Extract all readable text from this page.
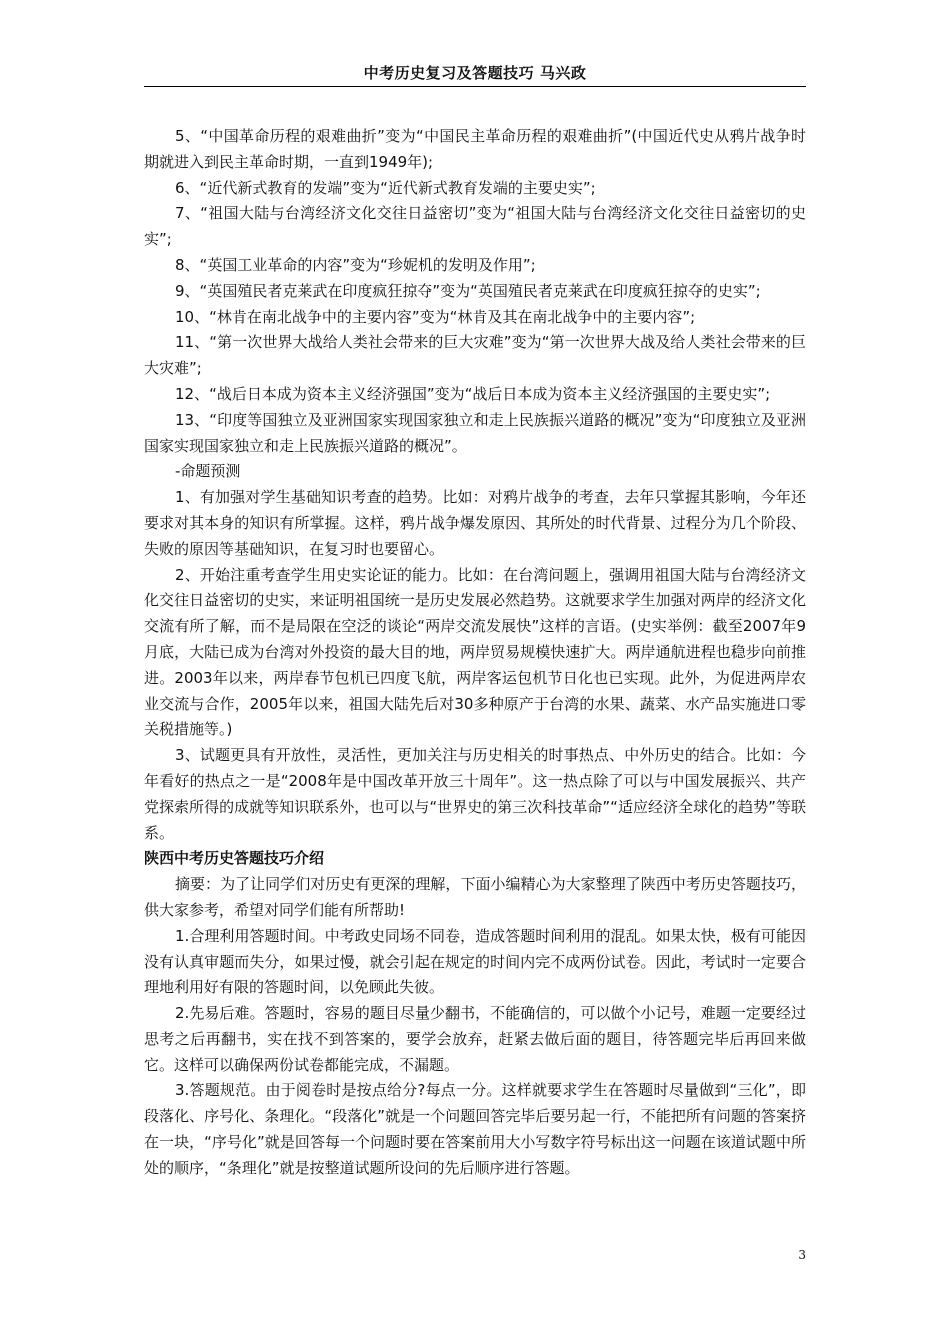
中考历史复习及答题技巧 马兴政

5、“中国革命历程的艰难曲折”变为“中国民主革命历程的艰难曲折”(中国近代史从鸦片战争时期就进入到民主革命时期，一直到1949年);

6、“近代新式教育的发端”变为“近代新式教育发端的主要史实”;

7、“祖国大陆与台湾经济文化交往日益密切”变为“祖国大陆与台湾经济文化交往日益密切的史实”;

8、“英国工业革命的内容”变为“珍妮机的发明及作用”;

9、“英国殖民者克莱武在印度疯狂掠夺”变为“英国殖民者克莱武在印度疯狂掠夺的史实”;

10、“林肯在南北战争中的主要内容”变为“林肯及其在南北战争中的主要内容”;

11、“第一次世界大战给人类社会带来的巨大灾难”变为“第一次世界大战及给人类社会带来的巨大灾难”;

12、“战后日本成为资本主义经济强国”变为“战后日本成为资本主义经济强国的主要史实”;

13、“印度等国独立及亚洲国家实现国家独立和走上民族振兴道路的概况”变为“印度独立及亚洲国家实现国家独立和走上民族振兴道路的概况”。

-命题预测

1、有加强对学生基础知识考查的趋势。比如：对鸦片战争的考查，去年只掌握其影响，今年还要求对其本身的知识有所掌握。这样，鸦片战争爆发原因、其所处的时代背景、过程分为几个阶段、失败的原因等基础知识，在复习时也要留心。

2、开始注重考查学生用史实论证的能力。比如：在台湾问题上，强调用祖国大陆与台湾经济文化交往日益密切的史实，来证明祖国统一是历史发展必然趋势。这就要求学生加强对两岸的经济文化交流有所了解，而不是局限在空泛的谈论“两岸交流发展快”这样的言语。(史实举例：截至2007年9月底，大陆已成为台湾对外投资的最大目的地，两岸贸易规模快速扩大。两岸通航进程也稳步向前推进。2003年以来，两岸春节包机已四度飞航，两岸客运包机节日化也已实现。此外，为促进两岸农业交流与合作，2005年以来，祖国大陆先后对30多种原产于台湾的水果、蔬菜、水产品实施进口零关税措施等。)

3、试题更具有开放性，灵活性，更加关注与历史相关的时事热点、中外历史的结合。比如：今年看好的热点之一是“2008年是中国改革开放三十周年”。这一热点除了可以与中国发展振兴、共产党探索所得的成就等知识联系外，也可以与“世界史的第三次科技革命”“适应经济全球化的趋势”等联系。

陕西中考历史答题技巧介绍

摘要：为了让同学们对历史有更深的理解，下面小编精心为大家整理了陕西中考历史答题技巧，供大家参考，希望对同学们能有所帮助!

1.合理利用答题时间。中考政史同场不同卷，造成答题时间利用的混乱。如果太快，极有可能因没有认真审题而失分，如果过慢，就会引起在规定的时间内完不成两份试卷。因此，考试时一定要合理地利用好有限的答题时间，以免顾此失彼。

2.先易后难。答题时，容易的题目尽量少翻书，不能确信的，可以做个小记号，难题一定要经过思考之后再翻书，实在找不到答案的，要学会放弃，赶紧去做后面的题目，待答题完毕后再回来做它。这样可以确保两份试卷都能完成，不漏题。

3.答题规范。由于阅卷时是按点给分?每点一分。这样就要求学生在答题时尽量做到“三化”，即段落化、序号化、条理化。“段落化”就是一个问题回答完毕后要另起一行，不能把所有问题的答案挤在一块，“序号化”就是回答每一个问题时要在答案前用大小写数字符号标出这一问题在该道试题中所处的顺序，“条理化”就是按整道试题所设问的先后顺序进行答题。

3
